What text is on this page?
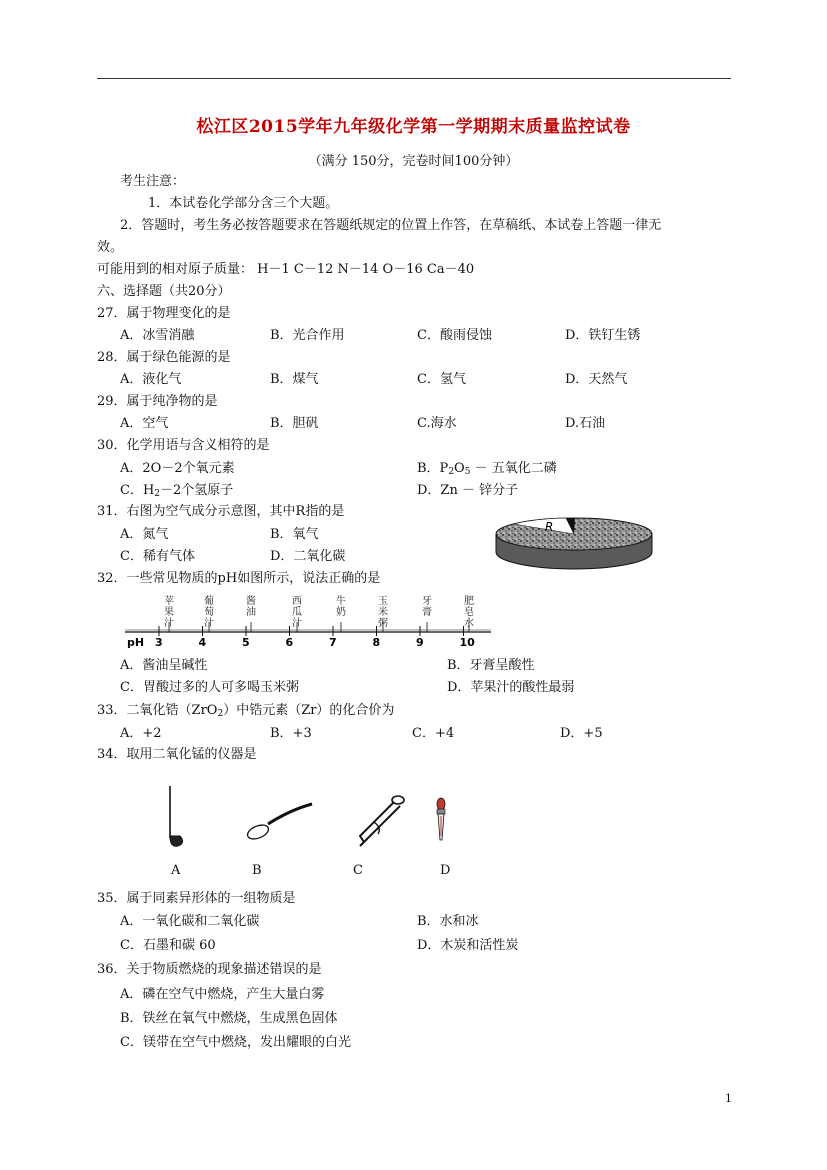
松江区2015学年九年级化学第一学期期末质量监控试卷
（满分 150分，完卷时间100分钟）
考生注意：
1．本试卷化学部分含三个大题。
2．答题时，考生务必按答题要求在答题纸规定的位置上作答，在草稿纸、本试卷上答题一律无
效。
可能用到的相对原子质量： H－1 C－12 N－14 O－16 Ca－40
六、选择题（共20分）
27．属于物理变化的是
A．冰雪消融	B．光合作用	C．酸雨侵蚀	D．铁钉生锈
28．属于绿色能源的是
A．液化气	B．煤气	C．氢气	D．天然气
29．属于纯净物的是
A．空气	B．胆矾	C.海水	D.石油
30．化学用语与含义相符的是
A．2O－2个氧元素	B．P2O5 － 五氧化二磷
C．H2－2个氢原子	D．Zn － 锌分子
31．右图为空气成分示意图，其中R指的是
A．氮气	B．氧气
C．稀有气体	D．二氧化碳
R
32．一些常见物质的pH如图所示，说法正确的是
苹
果
汁
葡
萄
汁
酱
油
西
瓜
汁
牛
奶
玉
米
粥
牙
膏
肥
皂
水
3	4	5	6	7	8	9	10
pH
A．酱油呈碱性	B．牙膏呈酸性
C．胃酸过多的人可多喝玉米粥	D．苹果汁的酸性最弱
33．二氧化锆（ZrO2）中锆元素（Zr）的化合价为
A．+2	B．+3	C．+4	D．+5
34．取用二氧化锰的仪器是
A	B	C	D
35．属于同素异形体的一组物质是
A．一氧化碳和二氧化碳	B．水和冰
C．石墨和碳 60	D．木炭和活性炭
36．关于物质燃烧的现象描述错误的是
A．磷在空气中燃烧，产生大量白雾
B．铁丝在氧气中燃烧，生成黑色固体
C．镁带在空气中燃烧，发出耀眼的白光
1
